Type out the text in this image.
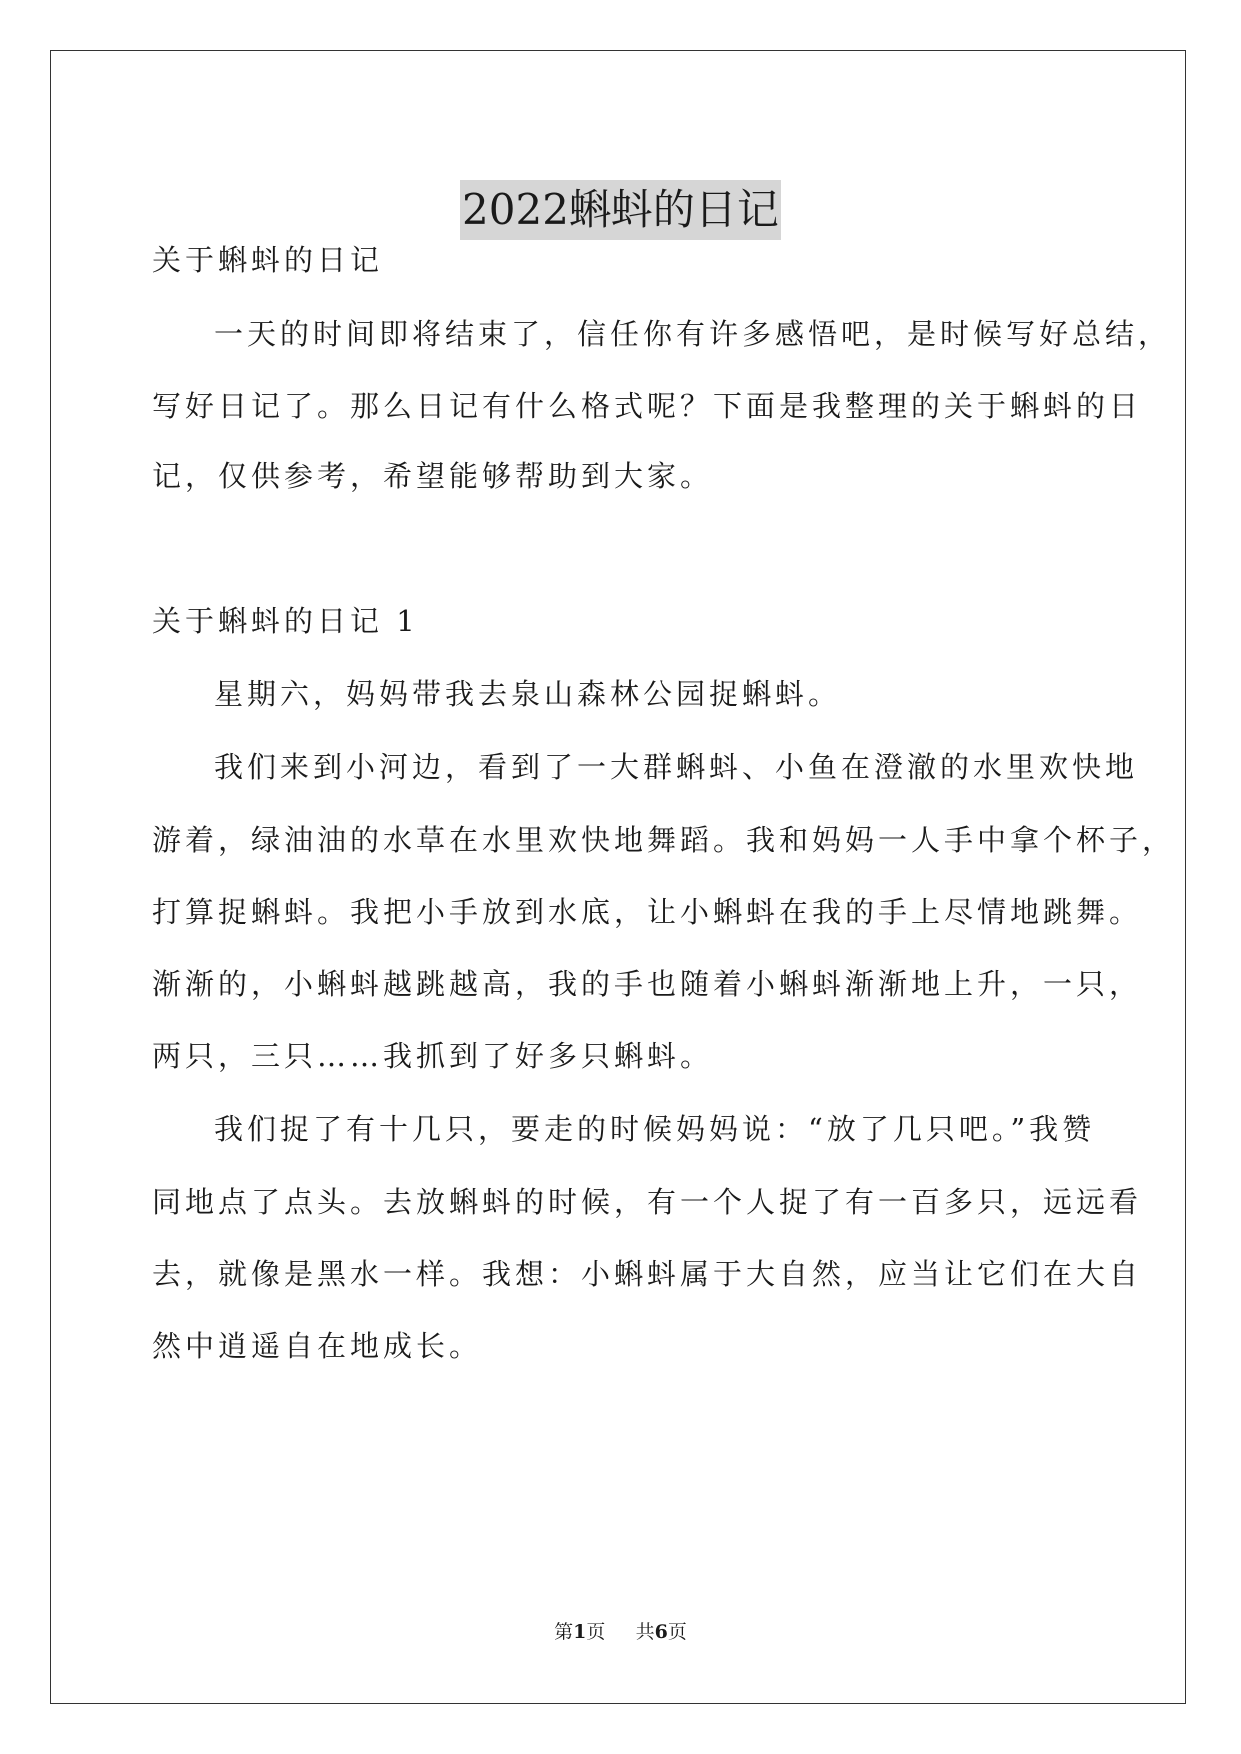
2022蝌蚪的日记
关于蝌蚪的日记
一天的时间即将结束了，信任你有许多感悟吧，是时候写好总结，
写好日记了。那么日记有什么格式呢？下面是我整理的关于蝌蚪的日
记，仅供参考，希望能够帮助到大家。
关于蝌蚪的日记 1
星期六，妈妈带我去泉山森林公园捉蝌蚪。
我们来到小河边，看到了一大群蝌蚪、小鱼在澄澈的水里欢快地
游着，绿油油的水草在水里欢快地舞蹈。我和妈妈一人手中拿个杯子，
打算捉蝌蚪。我把小手放到水底，让小蝌蚪在我的手上尽情地跳舞。
渐渐的，小蝌蚪越跳越高，我的手也随着小蝌蚪渐渐地上升，一只，
两只，三只……我抓到了好多只蝌蚪。
我们捉了有十几只，要走的时候妈妈说：“放了几只吧。”我赞
同地点了点头。去放蝌蚪的时候，有一个人捉了有一百多只，远远看
去，就像是黑水一样。我想：小蝌蚪属于大自然，应当让它们在大自
然中逍遥自在地成长。
第1页 共6页
